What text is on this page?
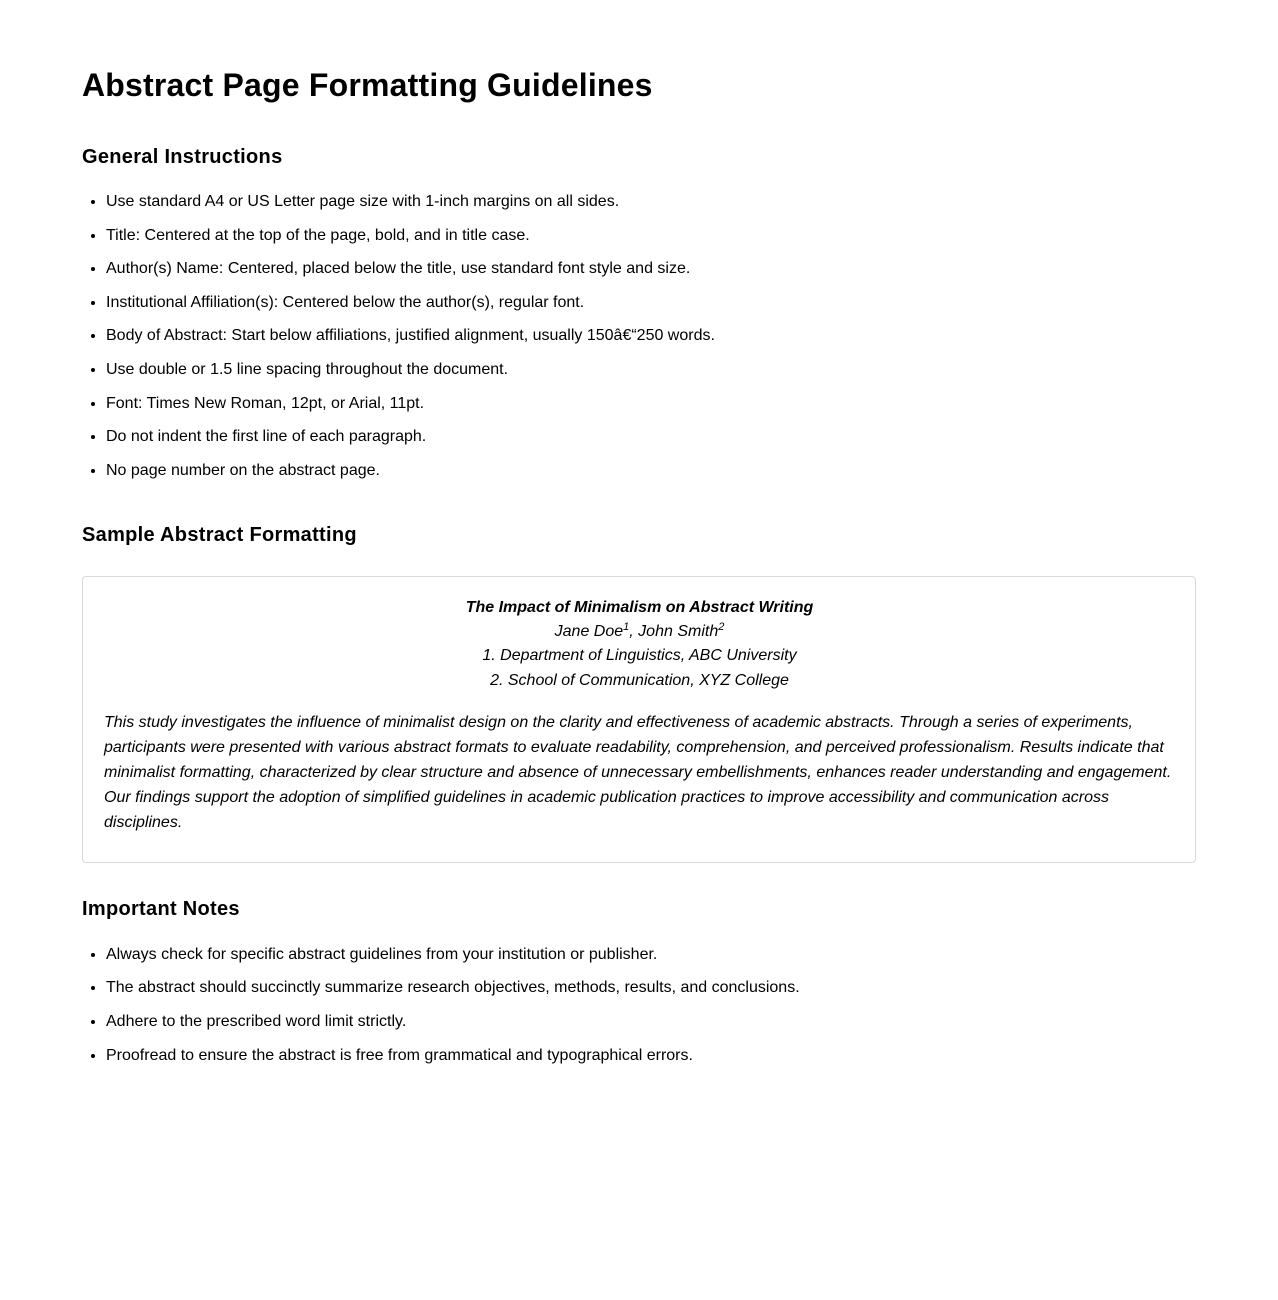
Abstract Page Formatting Guidelines
General Instructions
• Use standard A4 or US Letter page size with 1-inch margins on all sides.
• Title: Centered at the top of the page, bold, and in title case.
• Author(s) Name: Centered, placed below the title, use standard font style and size.
• Institutional Affiliation(s): Centered below the author(s), regular font.
• Body of Abstract: Start below affiliations, justified alignment, usually 150â€“250 words.
• Use double or 1.5 line spacing throughout the document.
• Font: Times New Roman, 12pt, or Arial, 11pt.
• Do not indent the first line of each paragraph.
• No page number on the abstract page.
Sample Abstract Formatting
The Impact of Minimalism on Abstract Writing
Jane Doe$^1$, John Smith$^2$
1. Department of Linguistics, ABC University
2. School of Communication, XYZ College
This study investigates the influence of minimalist design on the clarity and effectiveness of academic abstracts. Through a series of experiments, participants were presented with various abstract formats to evaluate readability, comprehension, and perceived professionalism. Results indicate that minimalist formatting, characterized by clear structure and absence of unnecessary embellishments, enhances reader understanding and engagement. Our findings support the adoption of simplified guidelines in academic publication practices to improve accessibility and communication across disciplines.
Important Notes
• Always check for specific abstract guidelines from your institution or publisher.
• The abstract should succinctly summarize research objectives, methods, results, and conclusions.
• Adhere to the prescribed word limit strictly.
• Proofread to ensure the abstract is free from grammatical and typographical errors.
